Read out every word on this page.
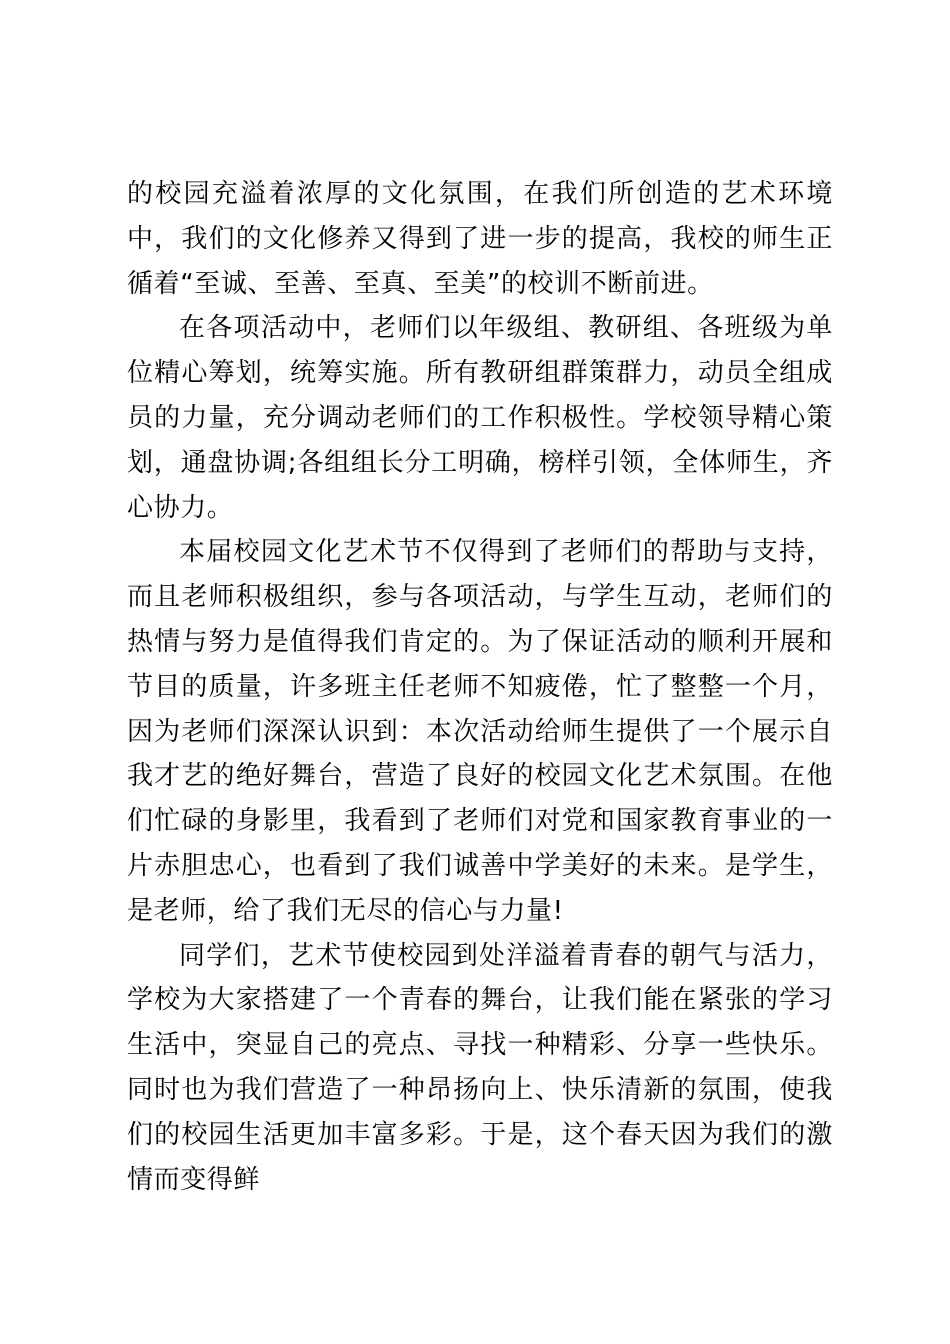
的校园充溢着浓厚的文化氛围，在我们所创造的艺术环境中，我们的文化修养又得到了进一步的提高，我校的师生正循着“至诚、至善、至真、至美”的校训不断前进。

在各项活动中，老师们以年级组、教研组、各班级为单位精心筹划，统筹实施。所有教研组群策群力，动员全组成员的力量，充分调动老师们的工作积极性。学校领导精心策划，通盘协调;各组组长分工明确，榜样引领，全体师生，齐心协力。

本届校园文化艺术节不仅得到了老师们的帮助与支持，而且老师积极组织，参与各项活动，与学生互动，老师们的热情与努力是值得我们肯定的。为了保证活动的顺利开展和节目的质量，许多班主任老师不知疲倦，忙了整整一个月，因为老师们深深认识到：本次活动给师生提供了一个展示自我才艺的绝好舞台，营造了良好的校园文化艺术氛围。在他们忙碌的身影里，我看到了老师们对党和国家教育事业的一片赤胆忠心，也看到了我们诚善中学美好的未来。是学生，是老师，给了我们无尽的信心与力量!

同学们，艺术节使校园到处洋溢着青春的朝气与活力，学校为大家搭建了一个青春的舞台，让我们能在紧张的学习生活中，突显自己的亮点、寻找一种精彩、分享一些快乐。同时也为我们营造了一种昂扬向上、快乐清新的氛围，使我们的校园生活更加丰富多彩。于是，这个春天因为我们的激情而变得鲜
